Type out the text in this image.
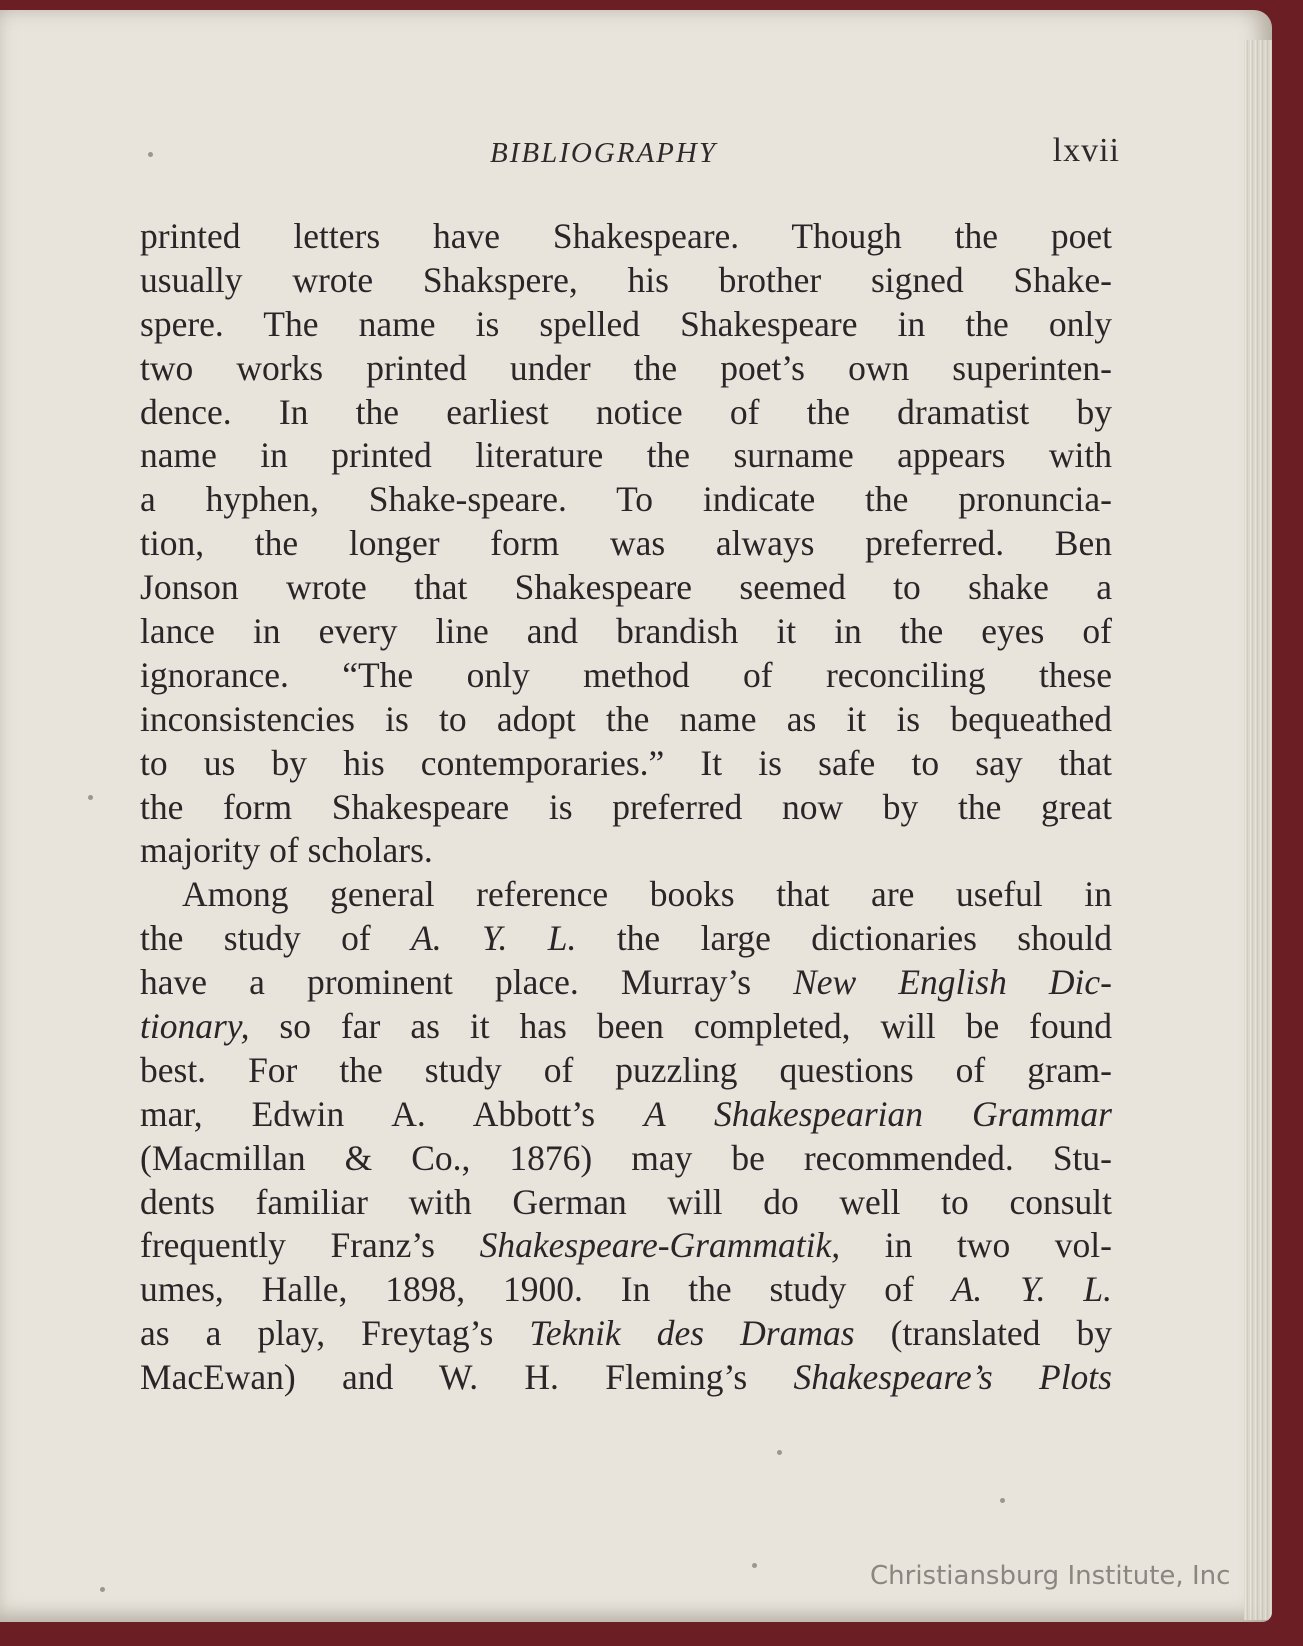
BIBLIOGRAPHY	lxvii
printed letters have Shakespeare. Though the poet
usually wrote Shakspere, his brother signed Shake-
spere. The name is spelled Shakespeare in the only
two works printed under the poet’s own superinten-
dence. In the earliest notice of the dramatist by
name in printed literature the surname appears with
a hyphen, Shake-speare. To indicate the pronuncia-
tion, the longer form was always preferred. Ben
Jonson wrote that Shakespeare seemed to shake a
lance in every line and brandish it in the eyes of
ignorance. “The only method of reconciling these
inconsistencies is to adopt the name as it is bequeathed
to us by his contemporaries.” It is safe to say that
the form Shakespeare is preferred now by the great
majority of scholars.
Among general reference books that are useful in
the study of A. Y. L. the large dictionaries should
have a prominent place. Murray’s New English Dic-
tionary, so far as it has been completed, will be found
best. For the study of puzzling questions of gram-
mar, Edwin A. Abbott’s A Shakespearian Grammar
(Macmillan & Co., 1876) may be recommended. Stu-
dents familiar with German will do well to consult
frequently Franz’s Shakespeare-Grammatik, in two vol-
umes, Halle, 1898, 1900. In the study of A. Y. L.
as a play, Freytag’s Teknik des Dramas (translated by
MacEwan) and W. H. Fleming’s Shakespeare’s Plots
Christiansburg Institute, Inc
